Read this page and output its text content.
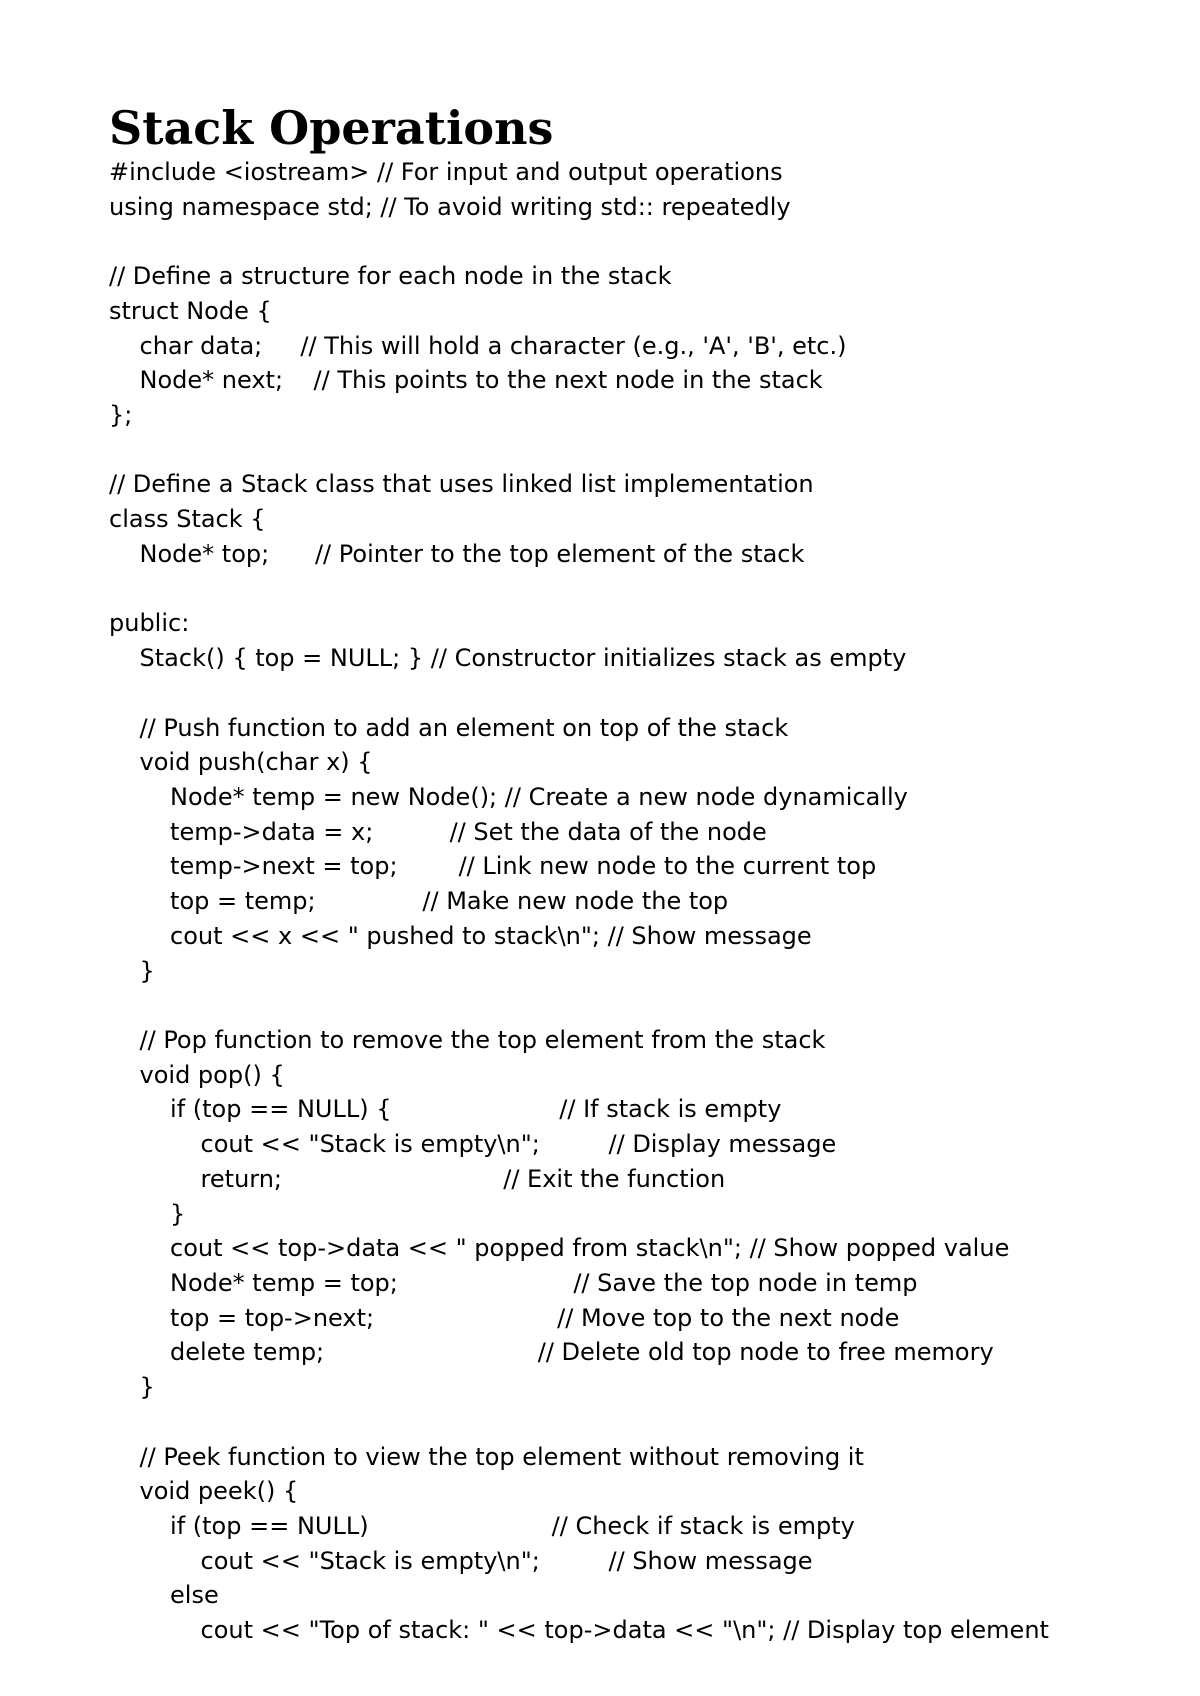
Stack Operations
#include <iostream> // For input and output operations
using namespace std; // To avoid writing std:: repeatedly
// Define a structure for each node in the stack
struct Node {
char data;     // This will hold a character (e.g., 'A', 'B', etc.)
Node* next;    // This points to the next node in the stack
};
// Define a Stack class that uses linked list implementation
class Stack {
Node* top;      // Pointer to the top element of the stack
public:
Stack() { top = NULL; } // Constructor initializes stack as empty
// Push function to add an element on top of the stack
void push(char x) {
Node* temp = new Node(); // Create a new node dynamically
temp->data = x;          // Set the data of the node
temp->next = top;        // Link new node to the current top
top = temp;              // Make new node the top
cout << x << " pushed to stack\n"; // Show message
}
// Pop function to remove the top element from the stack
void pop() {
if (top == NULL) {                      // If stack is empty
cout << "Stack is empty\n";         // Display message
return;                             // Exit the function
}
cout << top->data << " popped from stack\n"; // Show popped value
Node* temp = top;                       // Save the top node in temp
top = top->next;                        // Move top to the next node
delete temp;                            // Delete old top node to free memory
}
// Peek function to view the top element without removing it
void peek() {
if (top == NULL)                        // Check if stack is empty
cout << "Stack is empty\n";         // Show message
else
cout << "Top of stack: " << top->data << "\n"; // Display top element
